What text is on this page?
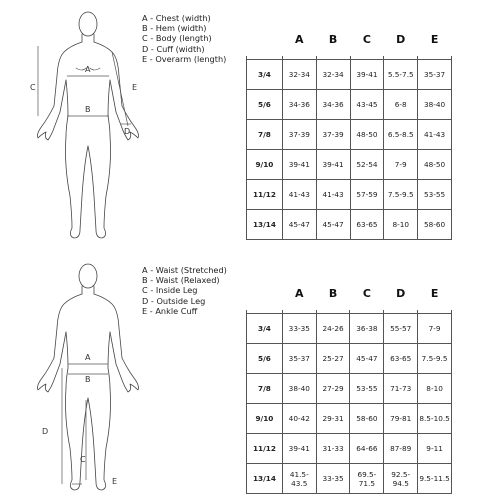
A
B
C
D
E
A - Chest (width)
B - Hem (width)
C - Body (length)
D - Cuff (width)
E - Overarm (length)
	A	B	C	D	E

3/4	32-34	32-34	39-41	5.5-7.5	35-37
5/6	34-36	34-36	43-45	6-8	38-40
7/8	37-39	37-39	48-50	6.5-8.5	41-43
9/10	39-41	39-41	52-54	7-9	48-50
11/12	41-43	41-43	57-59	7.5-9.5	53-55
13/14	45-47	45-47	63-65	8-10	58-60
A
B
C
D
E
A - Waist (Stretched)
B - Waist (Relaxed)
C - Inside Leg
D - Outside Leg
E - Ankle Cuff
	A	B	C	D	E

3/4	33-35	24-26	36-38	55-57	7-9
5/6	35-37	25-27	45-47	63-65	7.5-9.5
7/8	38-40	27-29	53-55	71-73	8-10
9/10	40-42	29-31	58-60	79-81	8.5-10.5
11/12	39-41	31-33	64-66	87-89	9-11
13/14	41.5-43.5	33-35	69.5-71.5	92.5-94.5	9.5-11.5
